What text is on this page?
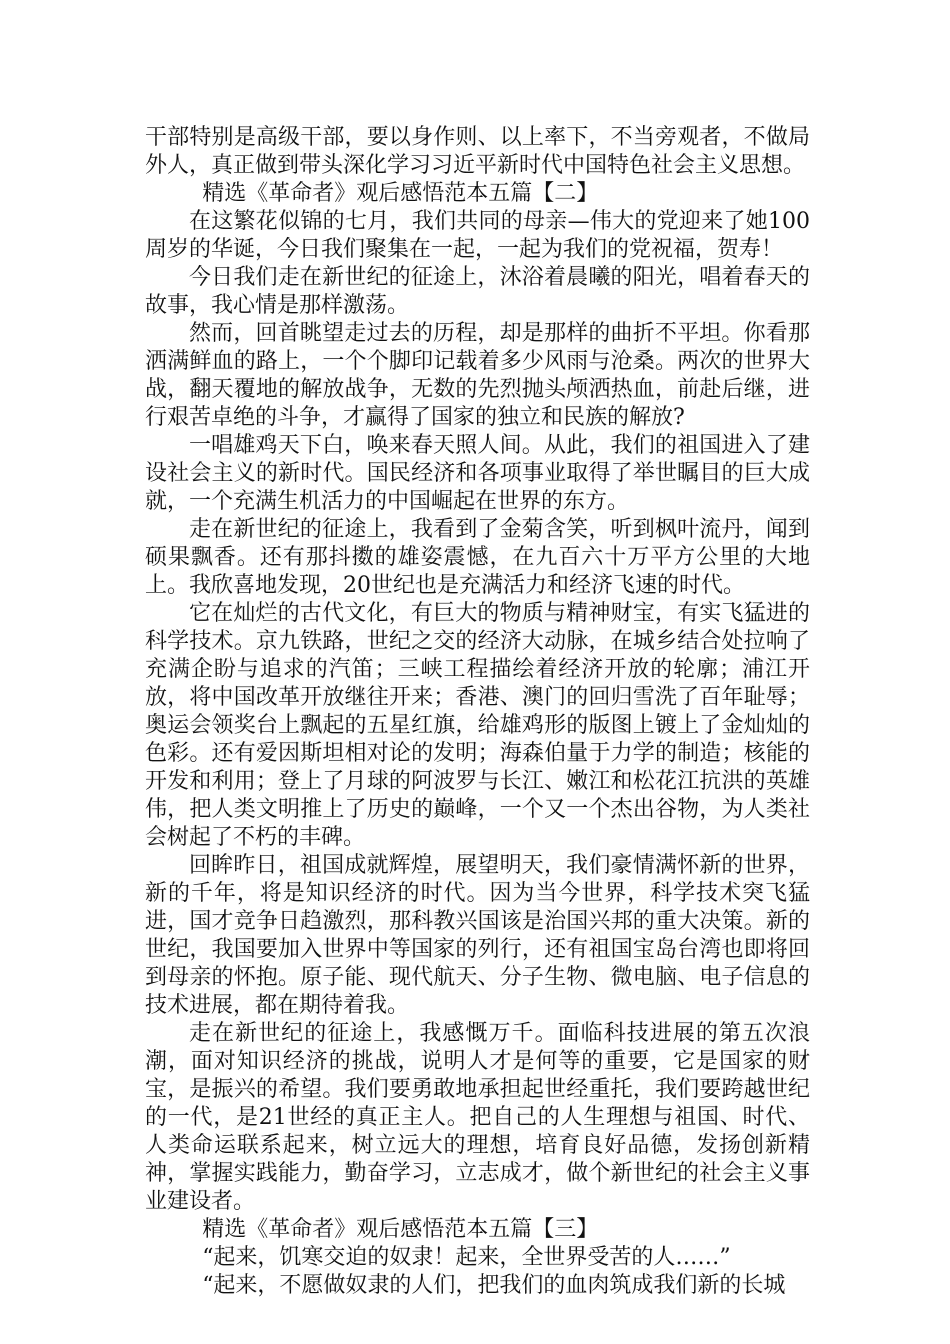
干部特别是高级干部，要以身作则、以上率下，不当旁观者，不做局外人，真正做到带头深化学习习近平新时代中国特色社会主义思想。

精选《革命者》观后感悟范本五篇【二】

在这繁花似锦的七月，我们共同的母亲—伟大的党迎来了她100周岁的华诞，今日我们聚集在一起，一起为我们的党祝福，贺寿！

今日我们走在新世纪的征途上，沐浴着晨曦的阳光，唱着春天的故事，我心情是那样激荡。

然而，回首眺望走过去的历程，却是那样的曲折不平坦。你看那洒满鲜血的路上，一个个脚印记载着多少风雨与沧桑。两次的世界大战，翻天覆地的解放战争，无数的先烈抛头颅洒热血，前赴后继，进行艰苦卓绝的斗争，才赢得了国家的独立和民族的解放?

一唱雄鸡天下白，唤来春天照人间。从此，我们的祖国进入了建设社会主义的新时代。国民经济和各项事业取得了举世瞩目的巨大成就，一个充满生机活力的中国崛起在世界的东方。

走在新世纪的征途上，我看到了金菊含笑，听到枫叶流丹，闻到硕果飘香。还有那抖擞的雄姿震憾，在九百六十万平方公里的大地上。我欣喜地发现，20世纪也是充满活力和经济飞速的时代。

它在灿烂的古代文化，有巨大的物质与精神财宝，有实飞猛进的科学技术。京九铁路，世纪之交的经济大动脉，在城乡结合处拉响了充满企盼与追求的汽笛；三峡工程描绘着经济开放的轮廓；浦江开放，将中国改革开放继往开来；香港、澳门的回归雪洗了百年耻辱；奥运会领奖台上飘起的五星红旗，给雄鸡形的版图上镀上了金灿灿的色彩。还有爱因斯坦相对论的发明；海森伯量于力学的制造；核能的开发和利用；登上了月球的阿波罗与长江、嫩江和松花江抗洪的英雄伟，把人类文明推上了历史的巅峰，一个又一个杰出谷物，为人类社会树起了不朽的丰碑。

回眸昨日，祖国成就辉煌，展望明天，我们豪情满怀新的世界，新的千年，将是知识经济的时代。因为当今世界，科学技术突飞猛进，国才竞争日趋激烈，那科教兴国该是治国兴邦的重大决策。新的世纪，我国要加入世界中等国家的列行，还有祖国宝岛台湾也即将回到母亲的怀抱。原子能、现代航天、分子生物、微电脑、电子信息的技术进展，都在期待着我。

走在新世纪的征途上，我感慨万千。面临科技进展的第五次浪潮，面对知识经济的挑战，说明人才是何等的重要，它是国家的财宝，是振兴的希望。我们要勇敢地承担起世经重托，我们要跨越世纪的一代，是21世经的真正主人。把自己的人生理想与祖国、时代、人类命运联系起来，树立远大的理想，培育良好品德，发扬创新精神，掌握实践能力，勤奋学习，立志成才，做个新世纪的社会主义事业建设者。

精选《革命者》观后感悟范本五篇【三】

“起来，饥寒交迫的奴隶！起来，全世界受苦的人……”

“起来，不愿做奴隶的人们，把我们的血肉筑成我们新的长城
